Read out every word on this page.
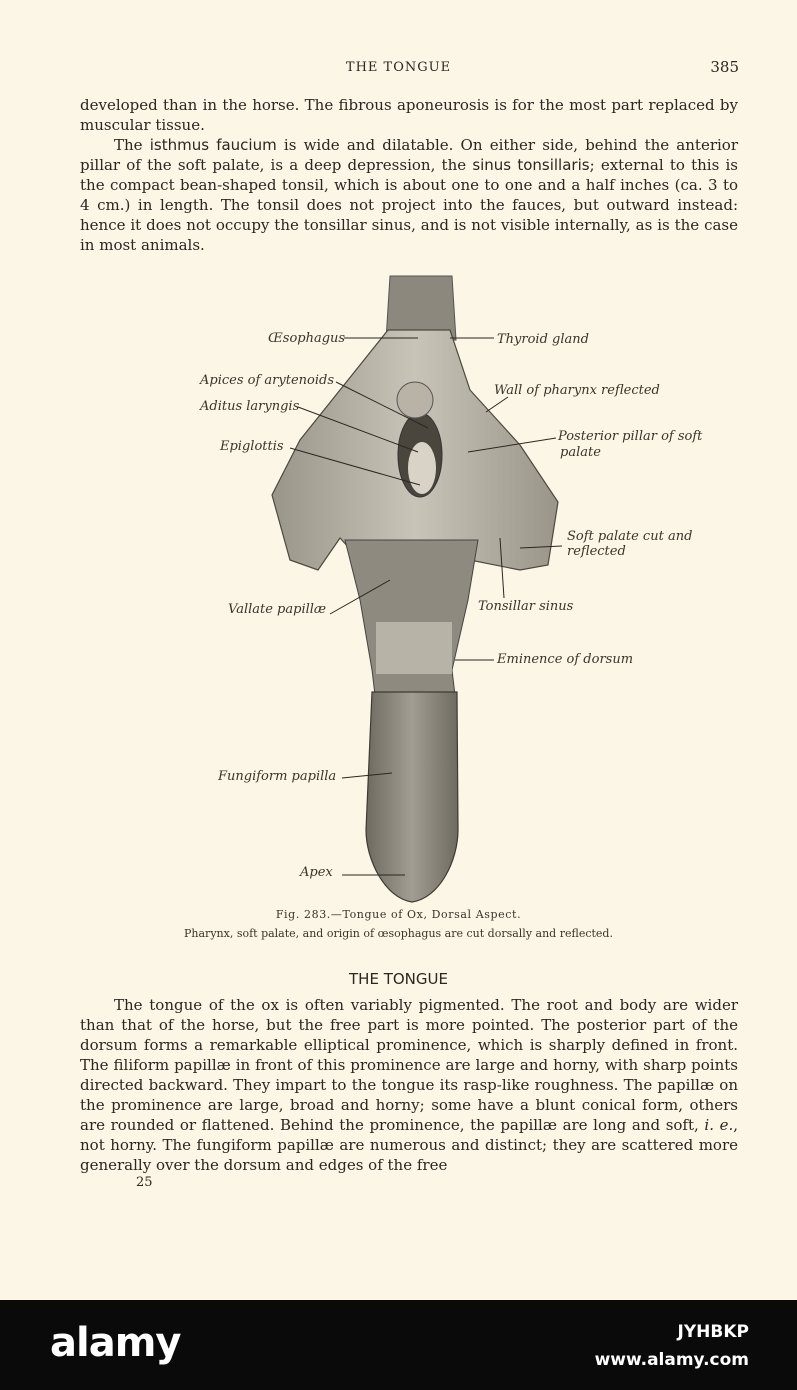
THE TONGUE	385

developed than in the horse. The fibrous aponeurosis is for the most part replaced by muscular tissue.

The isthmus faucium is wide and dilatable. On either side, behind the anterior pillar of the soft palate, is a deep depression, the sinus tonsillaris; external to this is the compact bean-shaped tonsil, which is about one to one and a half inches (ca. 3 to 4 cm.) in length. The tonsil does not project into the fauces, but outward instead: hence it does not occupy the tonsillar sinus, and is not visible internally, as is the case in most animals.

Œsophagus	Thyroid gland
Apices of arytenoids
Wall of pharynx reflected
Aditus laryngis
Posterior pillar of soft
palate
Epiglottis
Soft palate cut and
reflected
Vallate papillæ	Tonsillar sinus
Eminence of dorsum
Fungiform papilla
Apex
Fig. 283.—Tongue of Ox, Dorsal Aspect.
Pharynx, soft palate, and origin of œsophagus are cut dorsally and reflected.
THE TONGUE

The tongue of the ox is often variably pigmented. The root and body are wider than that of the horse, but the free part is more pointed. The posterior part of the dorsum forms a remarkable elliptical prominence, which is sharply defined in front. The filiform papillæ in front of this prominence are large and horny, with sharp points directed backward. They impart to the tongue its rasp-like roughness. The papillæ on the prominence are large, broad and horny; some have a blunt conical form, others are rounded or flattened. Behind the prominence, the papillæ are long and soft, i. e., not horny. The fungiform papillæ are numerous and distinct; they are scattered more generally over the dorsum and edges of the free

25
alamy	JYHBKP
www.alamy.com
